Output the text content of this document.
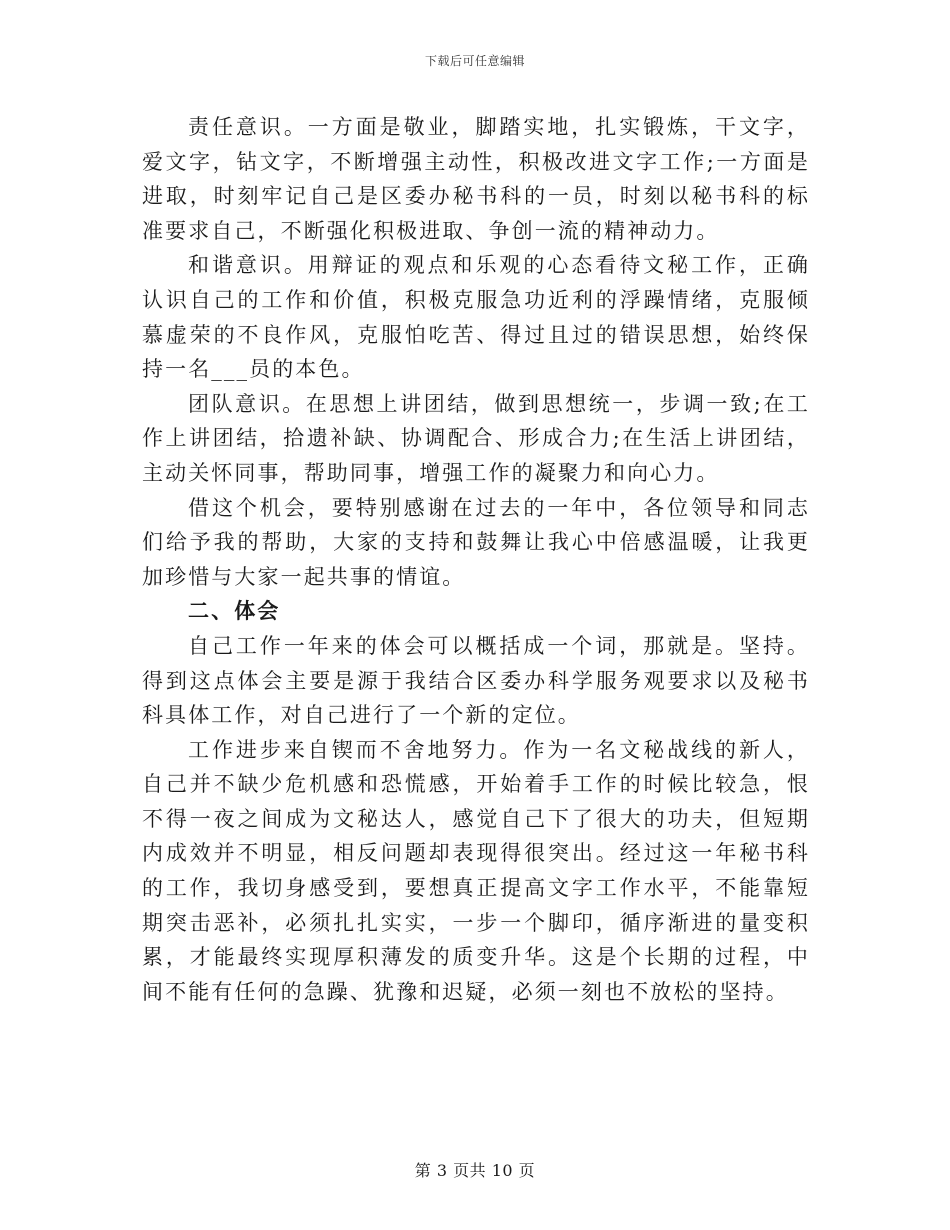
下载后可任意编辑

责任意识。一方面是敬业，脚踏实地，扎实锻炼，干文字，爱文字，钻文字，不断增强主动性，积极改进文字工作;一方面是进取，时刻牢记自己是区委办秘书科的一员，时刻以秘书科的标准要求自己，不断强化积极进取、争创一流的精神动力。

和谐意识。用辩证的观点和乐观的心态看待文秘工作，正确认识自己的工作和价值，积极克服急功近利的浮躁情绪，克服倾慕虚荣的不良作风，克服怕吃苦、得过且过的错误思想，始终保持一名___员的本色。

团队意识。在思想上讲团结，做到思想统一，步调一致;在工作上讲团结，拾遗补缺、协调配合、形成合力;在生活上讲团结，主动关怀同事，帮助同事，增强工作的凝聚力和向心力。

借这个机会，要特别感谢在过去的一年中，各位领导和同志们给予我的帮助，大家的支持和鼓舞让我心中倍感温暖，让我更加珍惜与大家一起共事的情谊。

二、体会

自己工作一年来的体会可以概括成一个词，那就是。坚持。得到这点体会主要是源于我结合区委办科学服务观要求以及秘书科具体工作，对自己进行了一个新的定位。

工作进步来自锲而不舍地努力。作为一名文秘战线的新人，自己并不缺少危机感和恐慌感，开始着手工作的时候比较急，恨不得一夜之间成为文秘达人，感觉自己下了很大的功夫，但短期内成效并不明显，相反问题却表现得很突出。经过这一年秘书科的工作，我切身感受到，要想真正提高文字工作水平，不能靠短期突击恶补，必须扎扎实实，一步一个脚印，循序渐进的量变积累，才能最终实现厚积薄发的质变升华。这是个长期的过程，中间不能有任何的急躁、犹豫和迟疑，必须一刻也不放松的坚持。

第 3 页共 10 页
